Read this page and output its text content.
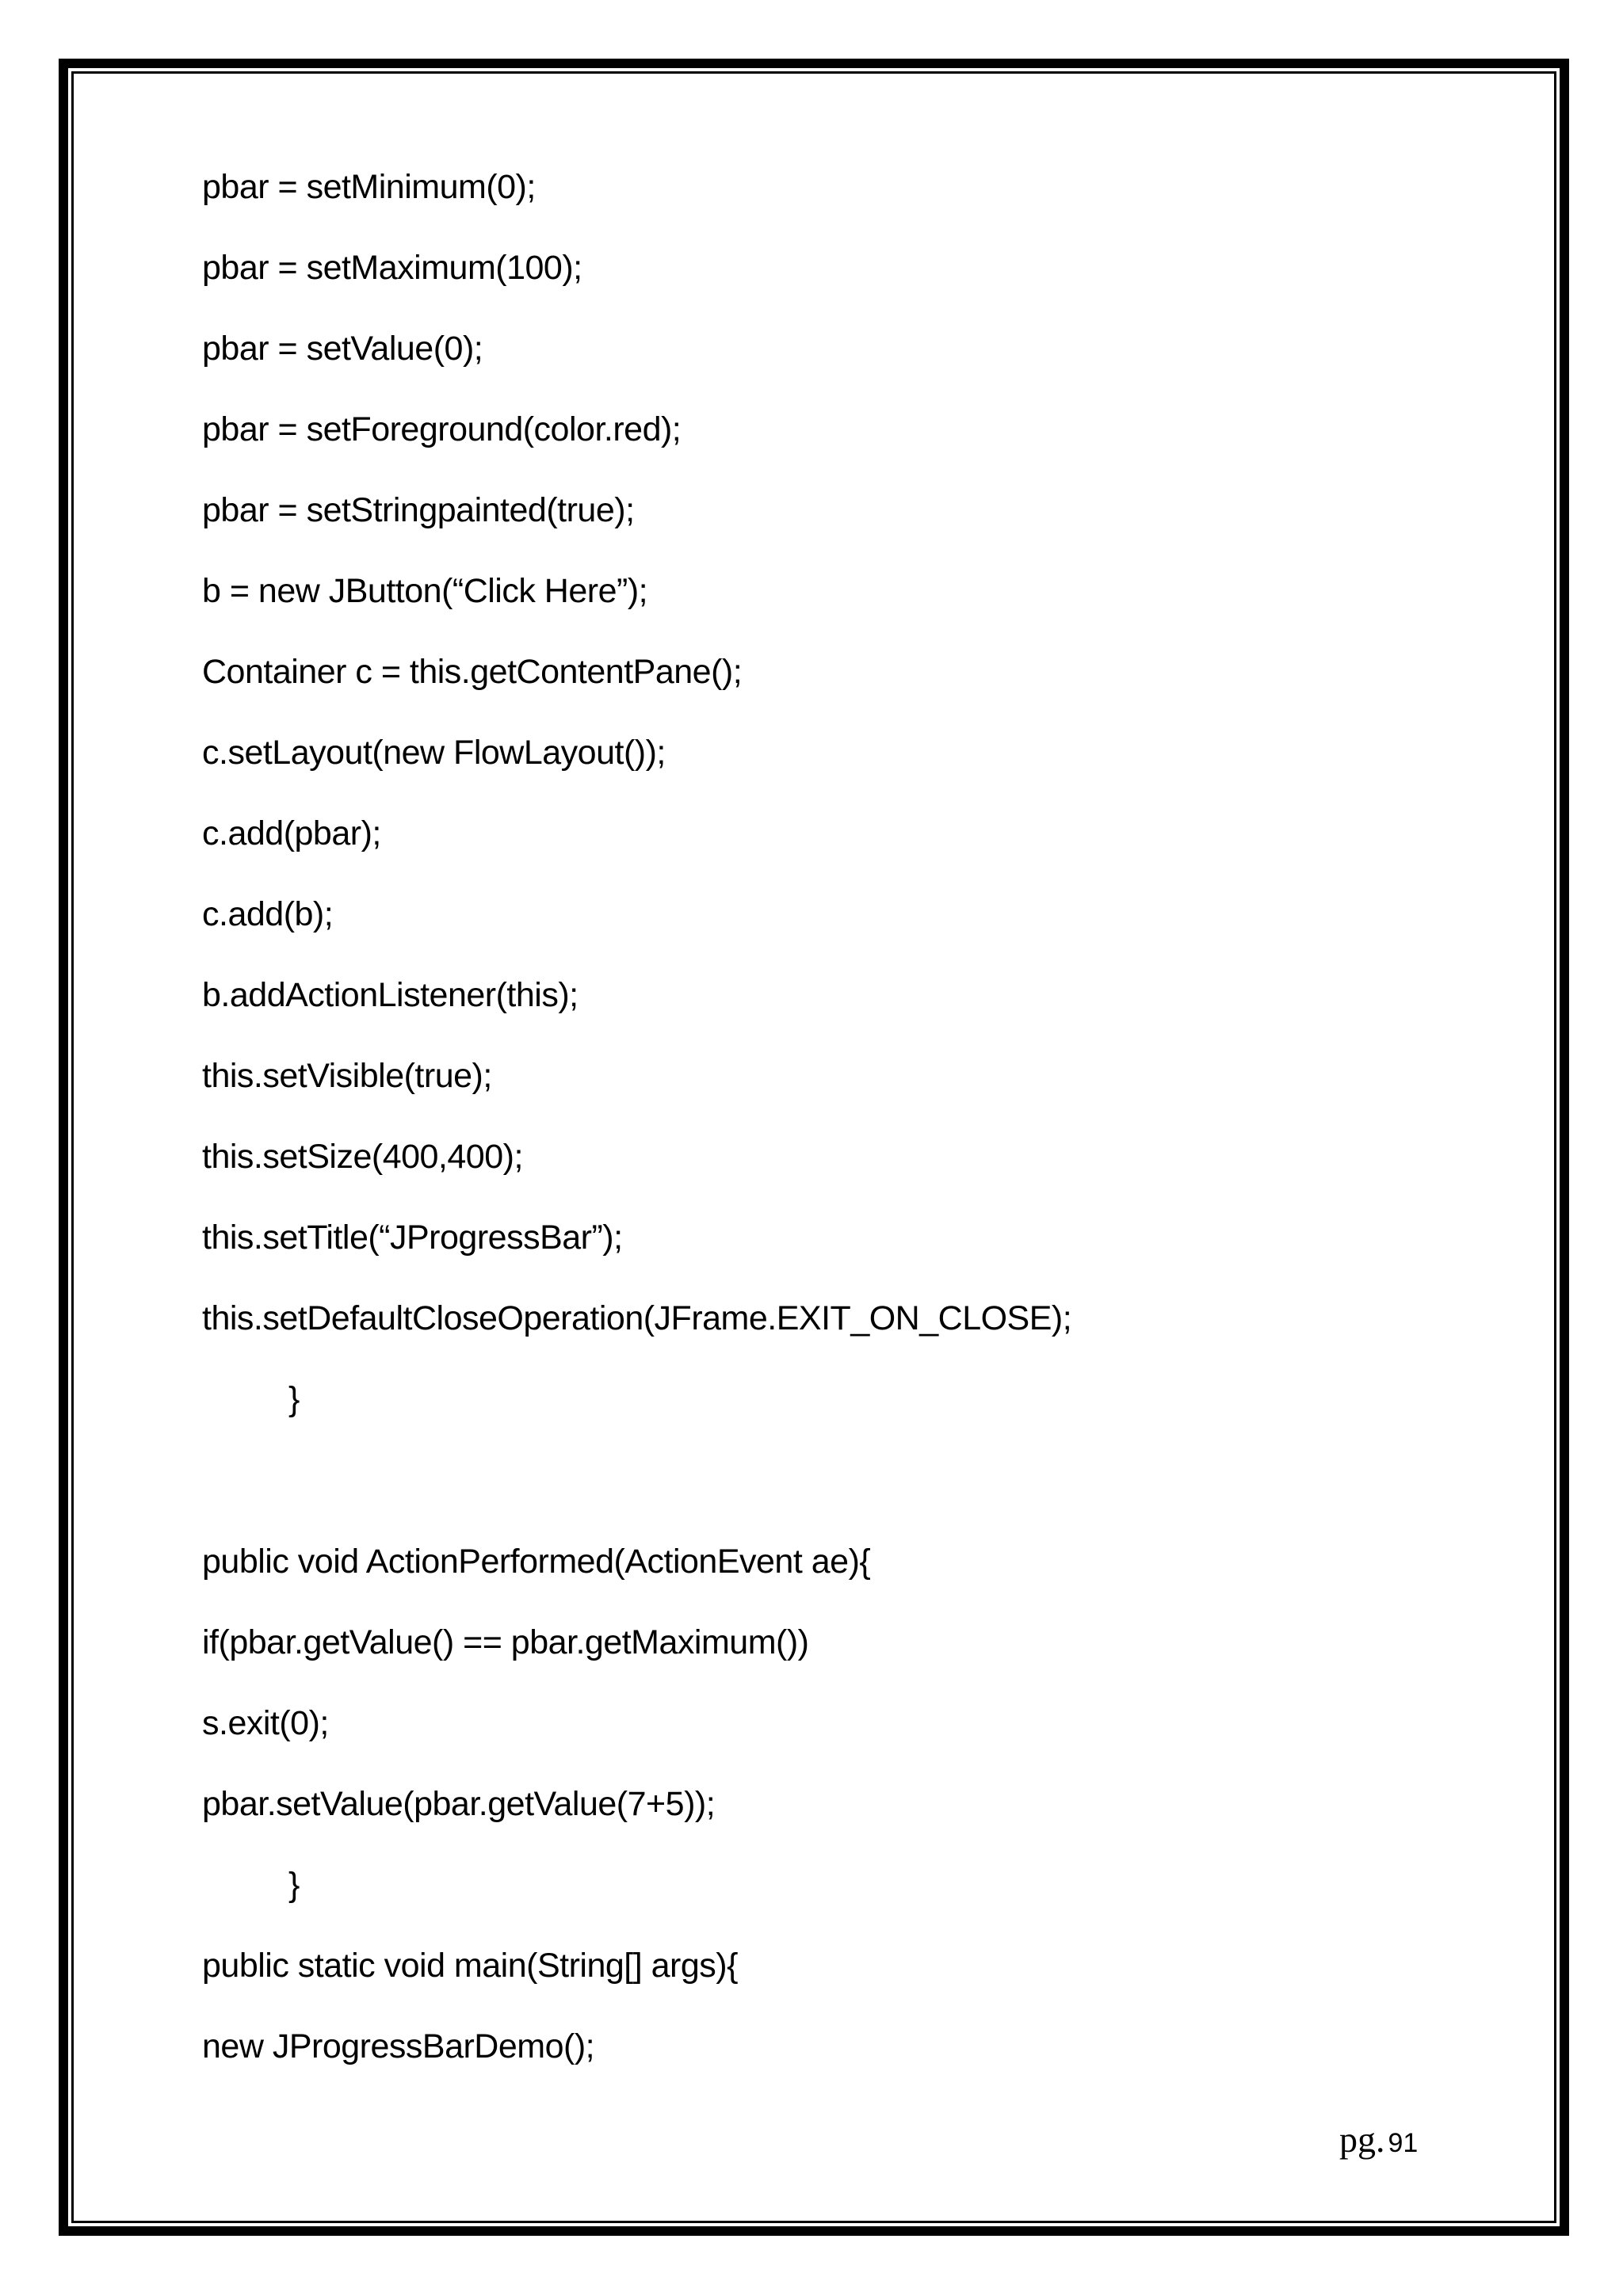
pbar = setMinimum(0);
pbar = setMaximum(100);
pbar = setValue(0);
pbar = setForeground(color.red);
pbar = setStringpainted(true);
b = new JButton(“Click Here”);
Container c = this.getContentPane();
c.setLayout(new FlowLayout());
c.add(pbar);
c.add(b);
b.addActionListener(this);
this.setVisible(true);
this.setSize(400,400);
this.setTitle(“JProgressBar”);
this.setDefaultCloseOperation(JFrame.EXIT_ON_CLOSE);
}
public void ActionPerformed(ActionEvent ae){
if(pbar.getValue() == pbar.getMaximum())
s.exit(0);
pbar.setValue(pbar.getValue(7+5));
}
public static void main(String[] args){
new JProgressBarDemo();
pg. 91
